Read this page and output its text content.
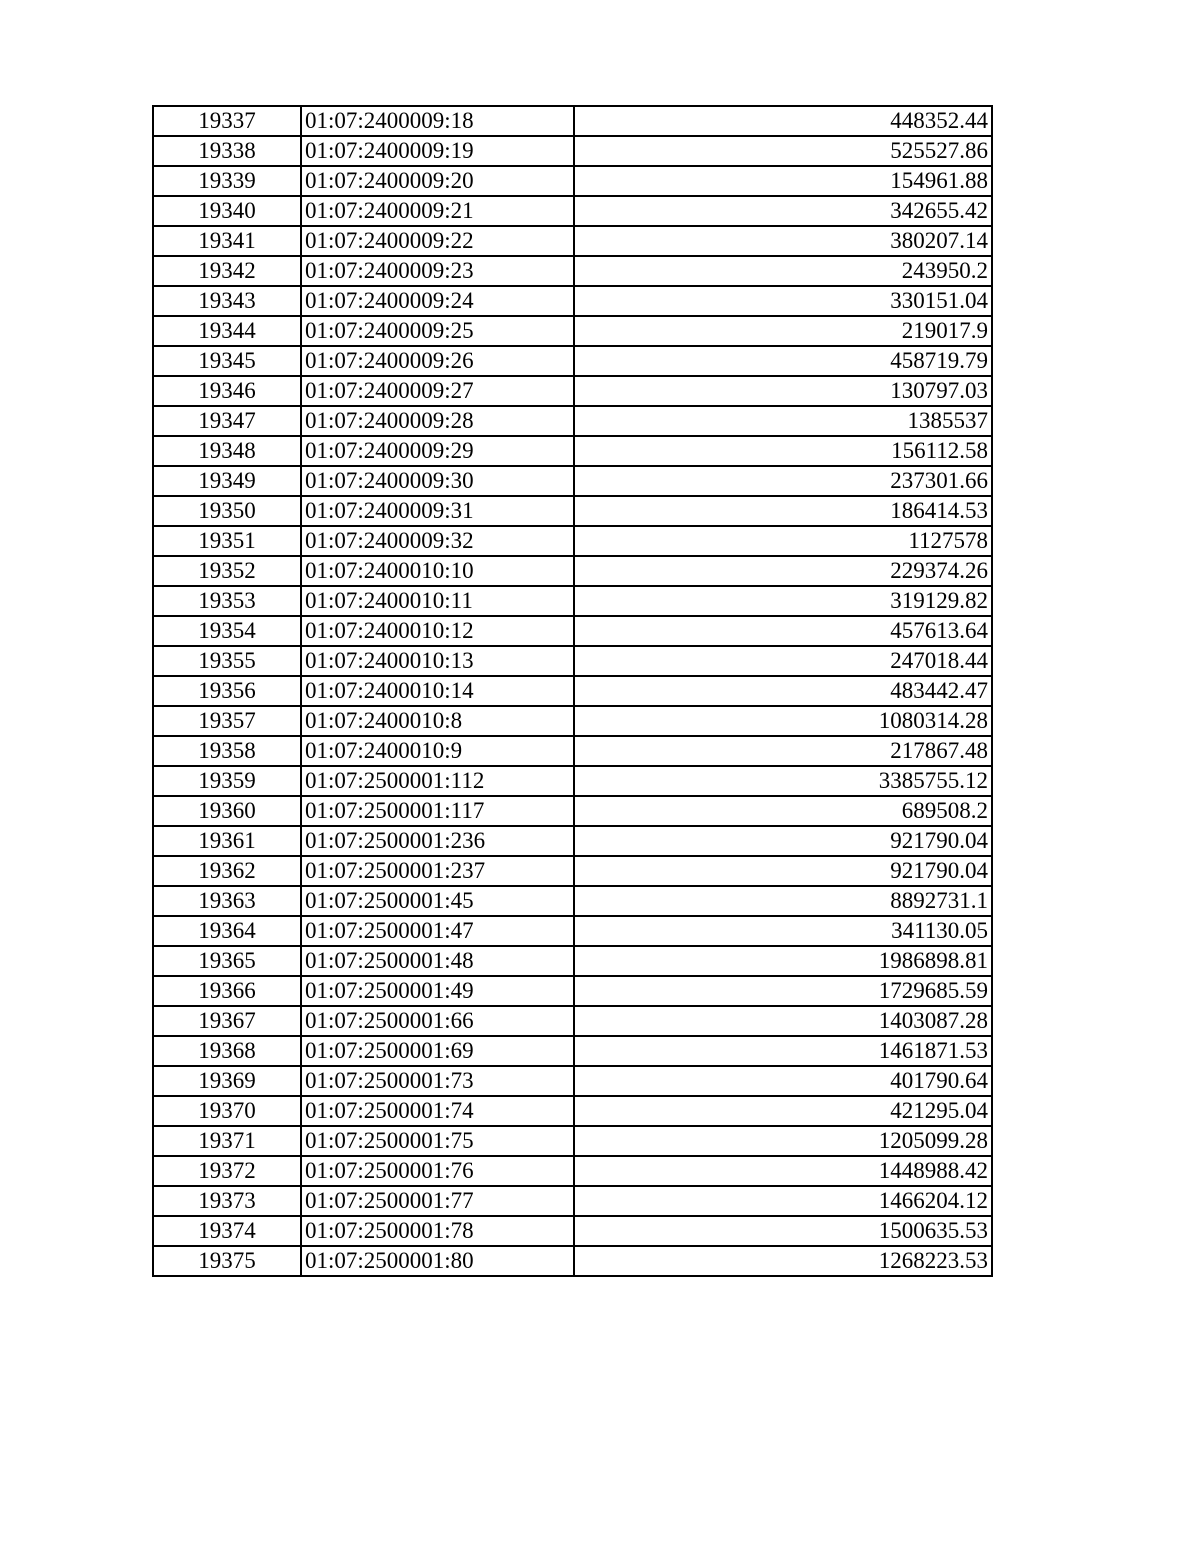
19337	01:07:2400009:18	448352.44
19338	01:07:2400009:19	525527.86
19339	01:07:2400009:20	154961.88
19340	01:07:2400009:21	342655.42
19341	01:07:2400009:22	380207.14
19342	01:07:2400009:23	243950.2
19343	01:07:2400009:24	330151.04
19344	01:07:2400009:25	219017.9
19345	01:07:2400009:26	458719.79
19346	01:07:2400009:27	130797.03
19347	01:07:2400009:28	1385537
19348	01:07:2400009:29	156112.58
19349	01:07:2400009:30	237301.66
19350	01:07:2400009:31	186414.53
19351	01:07:2400009:32	1127578
19352	01:07:2400010:10	229374.26
19353	01:07:2400010:11	319129.82
19354	01:07:2400010:12	457613.64
19355	01:07:2400010:13	247018.44
19356	01:07:2400010:14	483442.47
19357	01:07:2400010:8	1080314.28
19358	01:07:2400010:9	217867.48
19359	01:07:2500001:112	3385755.12
19360	01:07:2500001:117	689508.2
19361	01:07:2500001:236	921790.04
19362	01:07:2500001:237	921790.04
19363	01:07:2500001:45	8892731.1
19364	01:07:2500001:47	341130.05
19365	01:07:2500001:48	1986898.81
19366	01:07:2500001:49	1729685.59
19367	01:07:2500001:66	1403087.28
19368	01:07:2500001:69	1461871.53
19369	01:07:2500001:73	401790.64
19370	01:07:2500001:74	421295.04
19371	01:07:2500001:75	1205099.28
19372	01:07:2500001:76	1448988.42
19373	01:07:2500001:77	1466204.12
19374	01:07:2500001:78	1500635.53
19375	01:07:2500001:80	1268223.53
